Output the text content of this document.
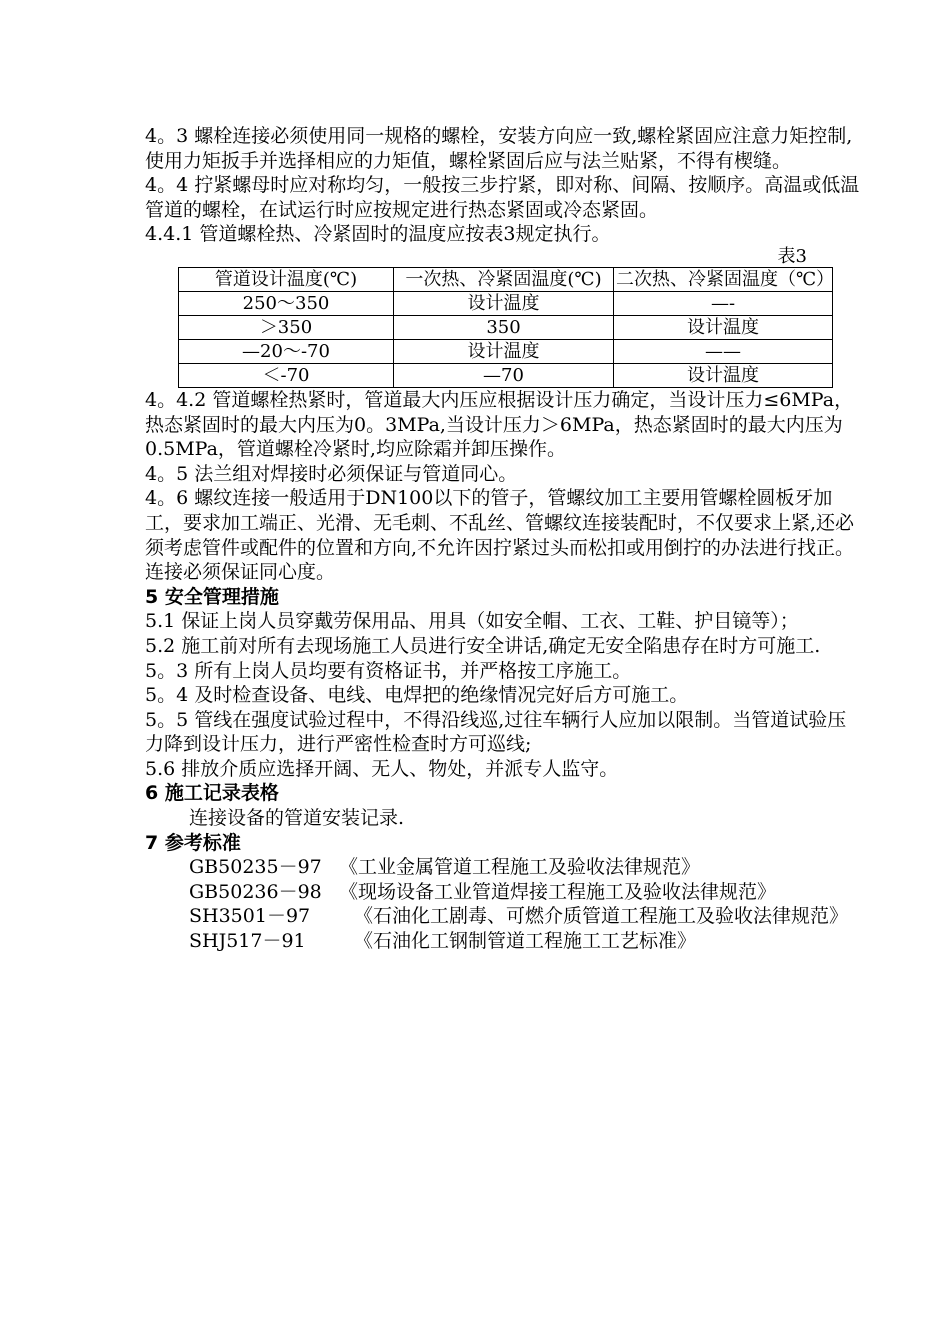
4。3 螺栓连接必须使用同一规格的螺栓，安装方向应一致,螺栓紧固应注意力矩控制,使用力矩扳手并选择相应的力矩值，螺栓紧固后应与法兰贴紧，不得有楔缝。

4。4 拧紧螺母时应对称均匀，一般按三步拧紧，即对称、间隔、按顺序。高温或低温管道的螺栓，在试运行时应按规定进行热态紧固或冷态紧固。

4.4.1 管道螺栓热、冷紧固时的温度应按表3规定执行。

表3

管道设计温度(℃)	一次热、冷紧固温度(℃)	二次热、冷紧固温度（℃）
250～350	设计温度	—-
＞350	350	设计温度
—20～-70	设计温度	——
＜-70	—70	设计温度

4。4.2 管道螺栓热紧时，管道最大内压应根据设计压力确定，当设计压力≤6MPa，热态紧固时的最大内压为0。3MPa,当设计压力＞6MPa，热态紧固时的最大内压为0.5MPa，管道螺栓冷紧时,均应除霜并卸压操作。

4。5 法兰组对焊接时必须保证与管道同心。

4。6 螺纹连接一般适用于DN100以下的管子，管螺纹加工主要用管螺栓圆板牙加工，要求加工端正、光滑、无毛刺、不乱丝、管螺纹连接装配时，不仅要求上紧,还必须考虑管件或配件的位置和方向,不允许因拧紧过头而松扣或用倒拧的办法进行找正。连接必须保证同心度。

5 安全管理措施

5.1 保证上岗人员穿戴劳保用品、用具（如安全帽、工衣、工鞋、护目镜等）；

5.2 施工前对所有去现场施工人员进行安全讲话,确定无安全陷患存在时方可施工.

5。3 所有上岗人员均要有资格证书，并严格按工序施工。

5。4 及时检查设备、电线、电焊把的绝缘情况完好后方可施工。

5。5 管线在强度试验过程中，不得沿线巡,过往车辆行人应加以限制。当管道试验压力降到设计压力，进行严密性检查时方可巡线;

5.6 排放介质应选择开阔、无人、物处，并派专人监守。

6 施工记录表格

连接设备的管道安装记录.

7 参考标准

GB50235－97 《工业金属管道工程施工及验收法律规范》

GB50236－98 《现场设备工业管道焊接工程施工及验收法律规范》

SH3501－97 《石油化工剧毒、可燃介质管道工程施工及验收法律规范》

SHJ517－91	《石油化工钢制管道工程施工工艺标准》
